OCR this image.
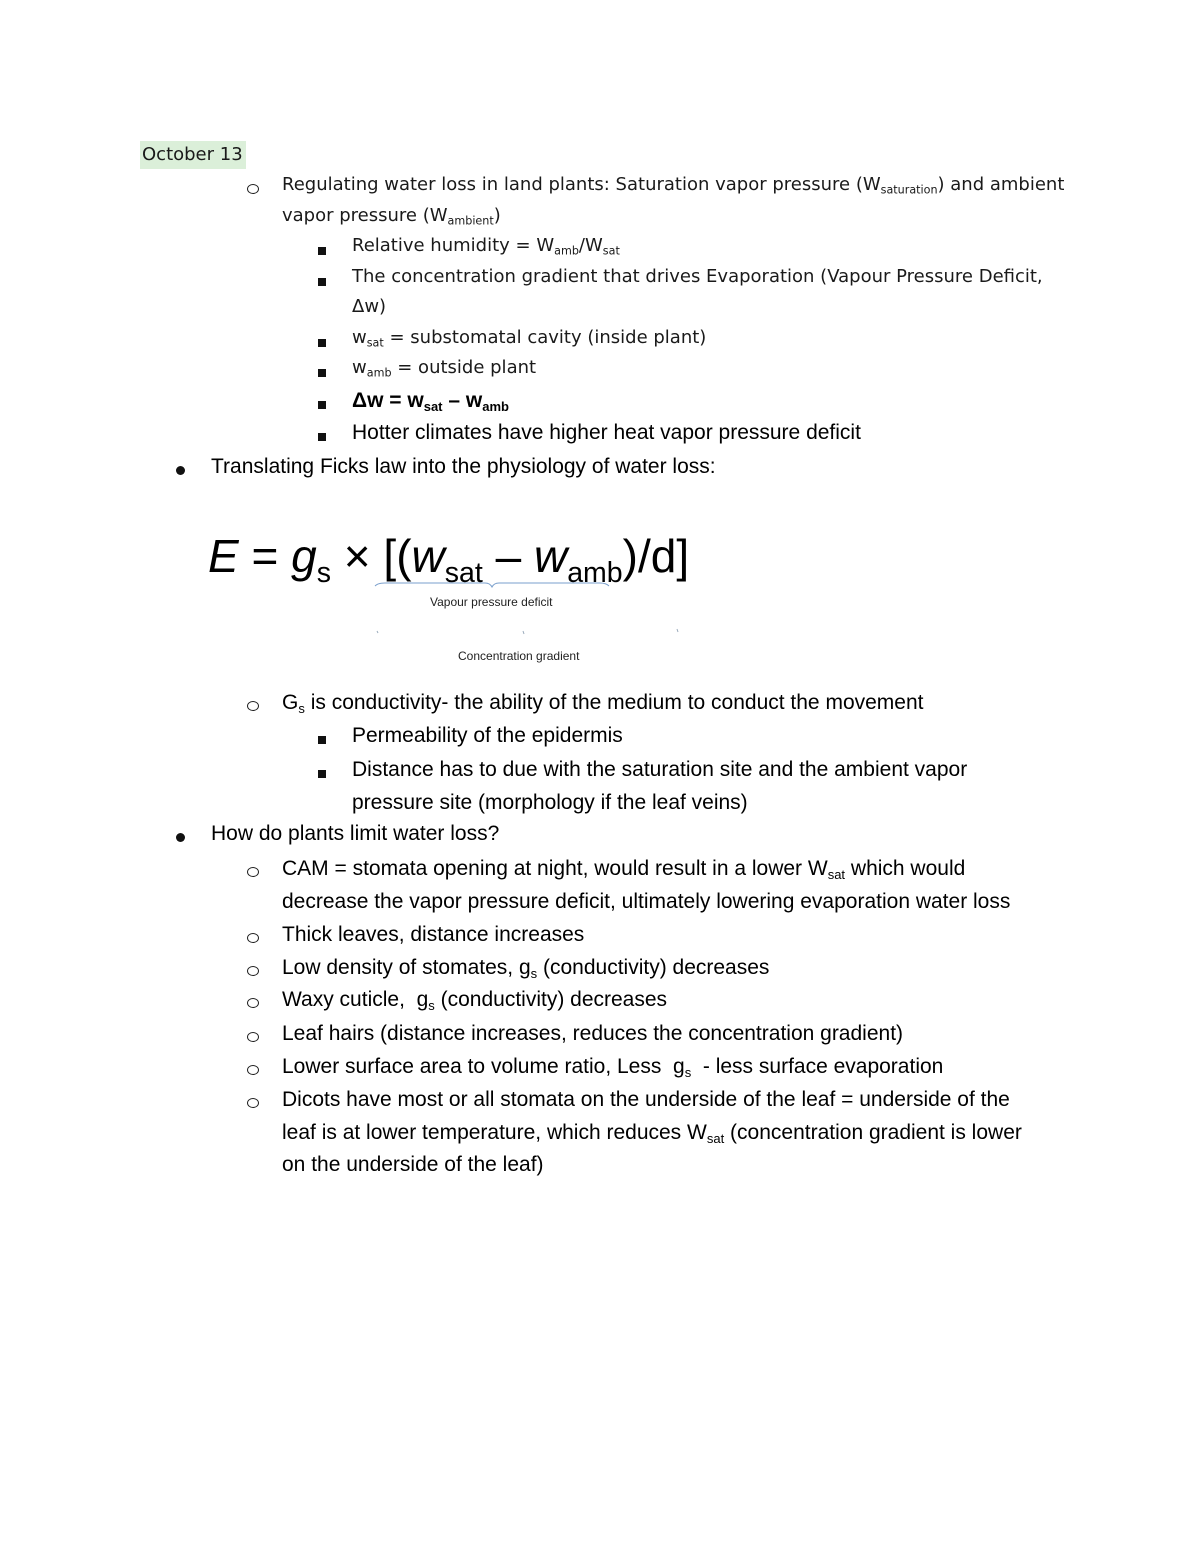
October 13
Regulating water loss in land plants: Saturation vapor pressure $(W_{saturation})$ and ambient
vapor pressure $(W_{ambient})$
Relative humidity = $W_{amb}/W_{sat}$
The concentration gradient that drives Evaporation (Vapour Pressure Deficit,
Δw)
$w_{sat}$ = substomatal cavity (inside plant)
$w_{amb}$ = outside plant
$\Delta w = w_{sat} - w_{amb}$
Hotter climates have higher heat vapor pressure deficit
Translating Ficks law into the physiology of water loss:
$E = g_s \times [(w_{sat} - w_{amb})/d]$
Vapour pressure deficit
Concentration gradient
$G_s$ is conductivity- the ability of the medium to conduct the movement
Permeability of the epidermis
Distance has to due with the saturation site and the ambient vapor
pressure site (morphology if the leaf veins)
How do plants limit water loss?
CAM = stomata opening at night, would result in a lower $W_{sat}$ which would
decrease the vapor pressure deficit, ultimately lowering evaporation water loss
Thick leaves, distance increases
Low density of stomates, $g_s$ (conductivity) decreases
Waxy cuticle,  $g_s$ (conductivity) decreases
Leaf hairs (distance increases, reduces the concentration gradient)
Lower surface area to volume ratio, Less  $g_s$  - less surface evaporation
Dicots have most or all stomata on the underside of the leaf = underside of the
leaf is at lower temperature, which reduces $W_{sat}$ (concentration gradient is lower
on the underside of the leaf)
